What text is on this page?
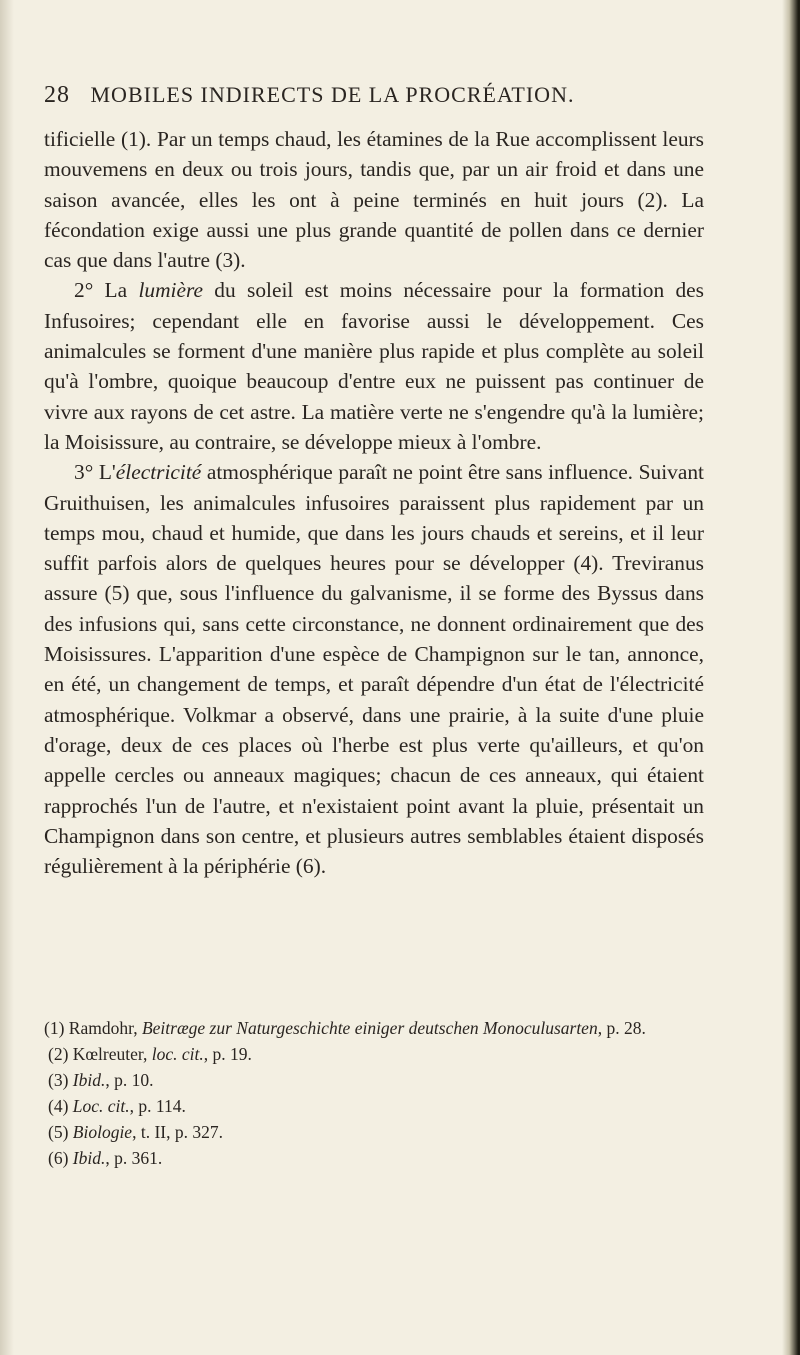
28 MOBILES INDIRECTS DE LA PROCRÉATION.

tificielle (1). Par un temps chaud, les étamines de la Rue accomplissent leurs mouvemens en deux ou trois jours, tandis que, par un air froid et dans une saison avancée, elles les ont à peine terminés en huit jours (2). La fécondation exige aussi une plus grande quantité de pollen dans ce dernier cas que dans l'autre (3).

2° La lumière du soleil est moins nécessaire pour la formation des Infusoires; cependant elle en favorise aussi le développement. Ces animalcules se forment d'une manière plus rapide et plus complète au soleil qu'à l'ombre, quoique beaucoup d'entre eux ne puissent pas continuer de vivre aux rayons de cet astre. La matière verte ne s'engendre qu'à la lumière; la Moisissure, au contraire, se développe mieux à l'ombre.

3° L'électricité atmosphérique paraît ne point être sans influence. Suivant Gruithuisen, les animalcules infusoires paraissent plus rapidement par un temps mou, chaud et humide, que dans les jours chauds et sereins, et il leur suffit parfois alors de quelques heures pour se développer (4). Treviranus assure (5) que, sous l'influence du galvanisme, il se forme des Byssus dans des infusions qui, sans cette circonstance, ne donnent ordinairement que des Moisissures. L'apparition d'une espèce de Champignon sur le tan, annonce, en été, un changement de temps, et paraît dépendre d'un état de l'électricité atmosphérique. Volkmar a observé, dans une prairie, à la suite d'une pluie d'orage, deux de ces places où l'herbe est plus verte qu'ailleurs, et qu'on appelle cercles ou anneaux magiques; chacun de ces anneaux, qui étaient rapprochés l'un de l'autre, et n'existaient point avant la pluie, présentait un Champignon dans son centre, et plusieurs autres semblables étaient disposés régulièrement à la périphérie (6).

(1) Ramdohr, Beitræge zur Naturgeschichte einiger deutschen Monoculusarten, p. 28.

(2) Kœlreuter, loc. cit., p. 19.

(3) Ibid., p. 10.

(4) Loc. cit., p. 114.

(5) Biologie, t. II, p. 327.

(6) Ibid., p. 361.
